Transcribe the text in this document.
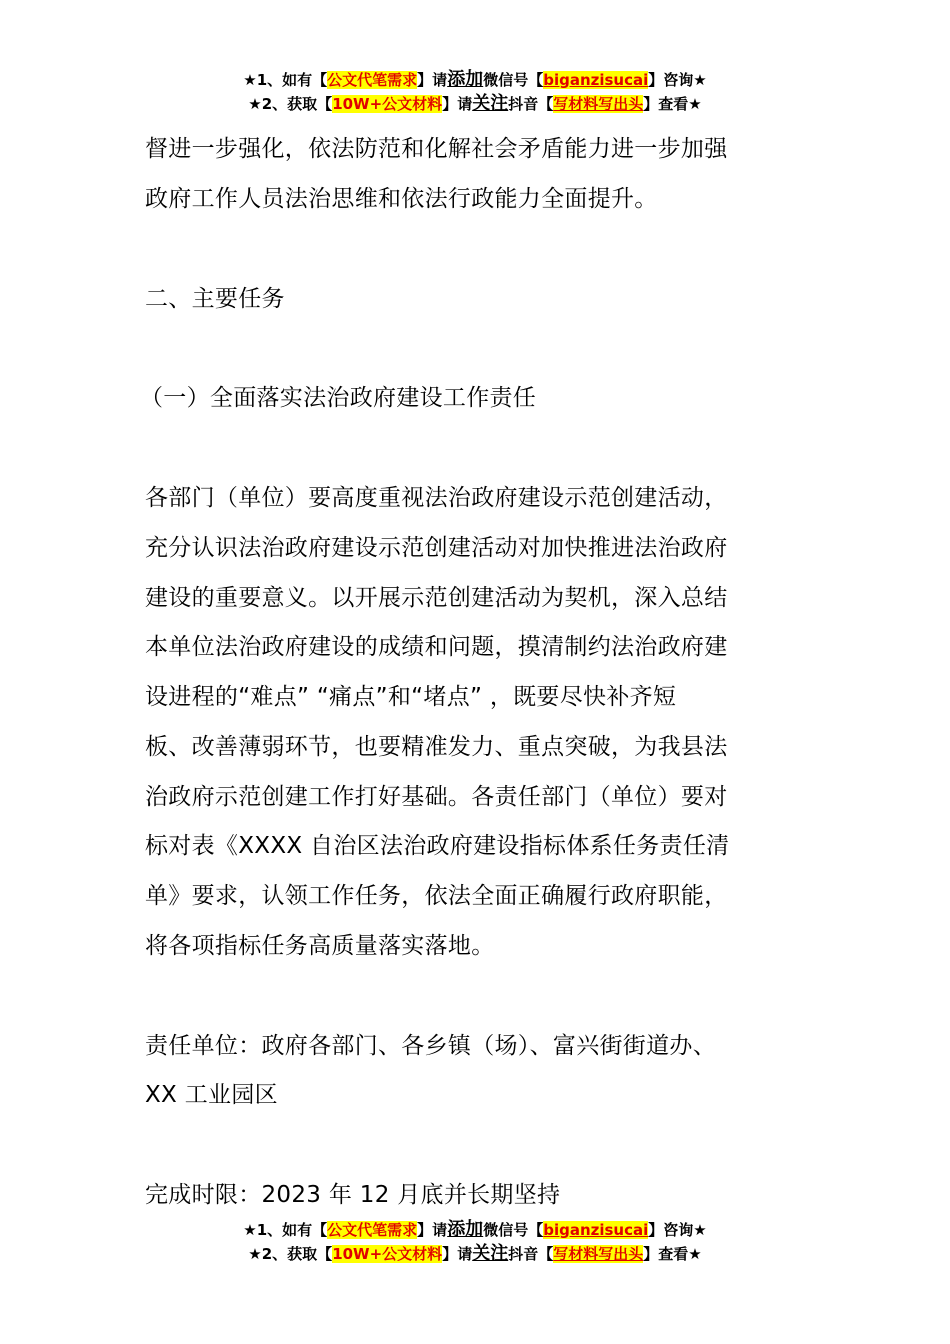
★1、如有【公文代笔需求】请添加微信号【biganzisucai】咨询★
★2、获取【10W+公文材料】请关注抖音【写材料写出头】查看★
督进一步强化，依法防范和化解社会矛盾能力进一步加强
政府工作人员法治思维和依法行政能力全面提升。
二、主要任务
（一）全面落实法治政府建设工作责任
各部门（单位）要高度重视法治政府建设示范创建活动，
充分认识法治政府建设示范创建活动对加快推进法治政府
建设的重要意义。以开展示范创建活动为契机，深入总结
本单位法治政府建设的成绩和问题，摸清制约法治政府建
设进程的“难点” “痛点”和“堵点” ，既要尽快补齐短
板、改善薄弱环节，也要精准发力、重点突破，为我县法
治政府示范创建工作打好基础。各责任部门（单位）要对
标对表《XXXX 自治区法治政府建设指标体系任务责任清
单》要求，认领工作任务，依法全面正确履行政府职能，
将各项指标任务高质量落实落地。
责任单位：政府各部门、各乡镇（场）、富兴街街道办、
XX 工业园区
完成时限：2023 年 12 月底并长期坚持
★1、如有【公文代笔需求】请添加微信号【biganzisucai】咨询★
★2、获取【10W+公文材料】请关注抖音【写材料写出头】查看★
